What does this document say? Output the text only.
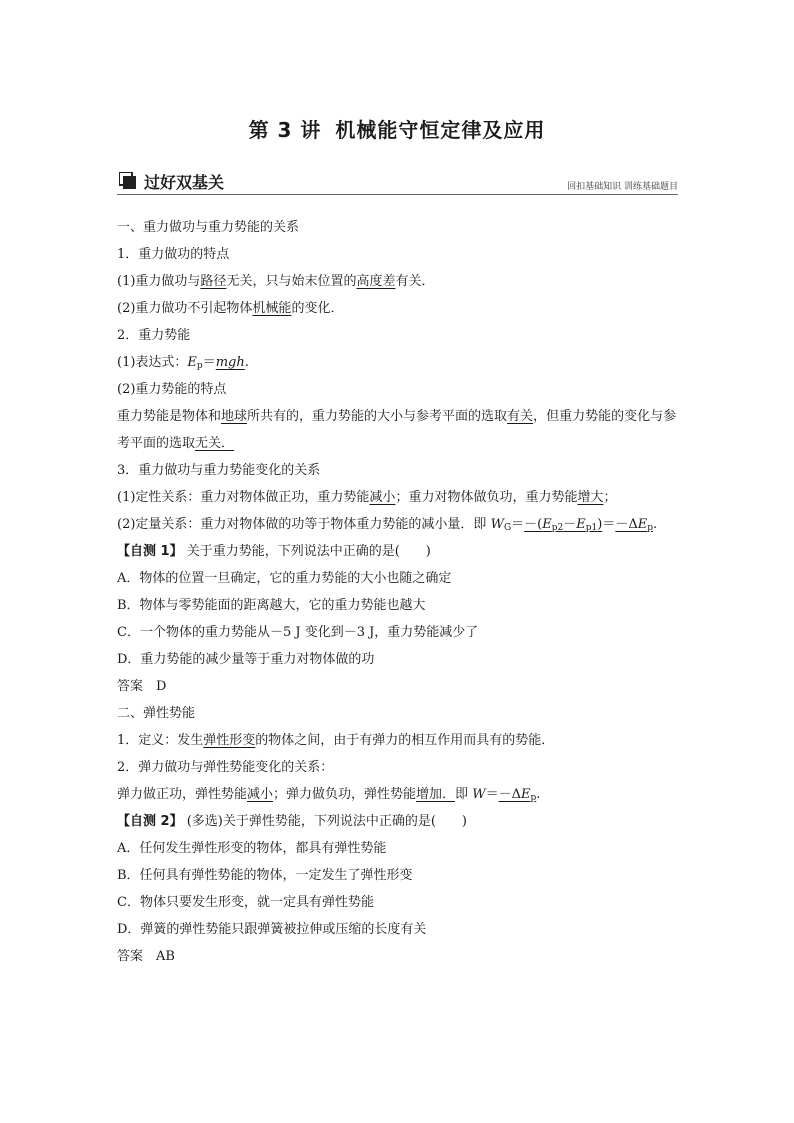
第 3 讲 机械能守恒定律及应用
过好双基关	回扣基础知识 训练基础题目
一、重力做功与重力势能的关系
1．重力做功的特点
(1)重力做功与路径无关，只与始末位置的高度差有关．
(2)重力做功不引起物体机械能的变化．
2．重力势能
(1)表达式：$E_p=mgh$.
(2)重力势能的特点
重力势能是物体和地球所共有的，重力势能的大小与参考平面的选取有关，但重力势能的变化与参考平面的选取无关．
3．重力做功与重力势能变化的关系
(1)定性关系：重力对物体做正功，重力势能减小；重力对物体做负功，重力势能增大；
(2)定量关系：重力对物体做的功等于物体重力势能的减小量．即 $W_G=-(E_{p2}-E_{p1})=-\Delta E_p$.
【自测 1】 关于重力势能，下列说法中正确的是(　　)
A．物体的位置一旦确定，它的重力势能的大小也随之确定
B．物体与零势能面的距离越大，它的重力势能也越大
C．一个物体的重力势能从－5 J 变化到－3 J，重力势能减少了
D．重力势能的减少量等于重力对物体做的功
答案　D
二、弹性势能
1．定义：发生弹性形变的物体之间，由于有弹力的相互作用而具有的势能．
2．弹力做功与弹性势能变化的关系：
弹力做正功，弹性势能减小；弹力做负功，弹性势能增加．即 $W=-\Delta E_p$.
【自测 2】 (多选)关于弹性势能，下列说法中正确的是(　　)
A．任何发生弹性形变的物体，都具有弹性势能
B．任何具有弹性势能的物体，一定发生了弹性形变
C．物体只要发生形变，就一定具有弹性势能
D．弹簧的弹性势能只跟弹簧被拉伸或压缩的长度有关
答案　AB
